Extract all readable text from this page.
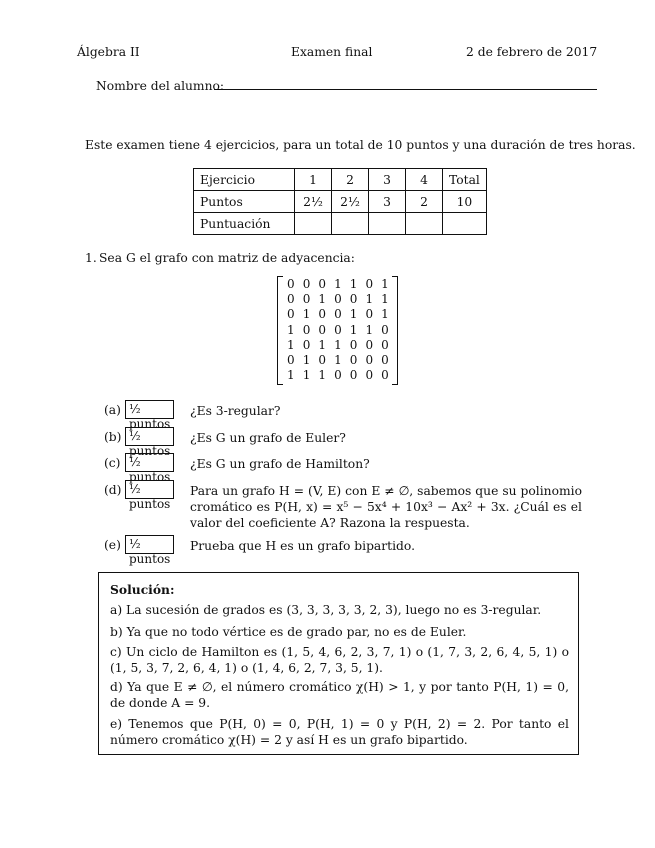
Álgebra II	Examen final	2 de febrero de 2017
Nombre del alumno:
Este examen tiene 4 ejercicios, para un total de 10 puntos y una duración de tres horas.
Ejercicio	1	2	3	4	Total
Puntos	2½	2½	3	2	10
Puntuación					
1. Sea G el grafo con matriz de adyacencia:
0 0 0 1 1 0 1
0 0 1 0 0 1 1
0 1 0 0 1 0 1
1 0 0 0 1 1 0
1 0 1 1 0 0 0
0 1 0 1 0 0 0
1 1 1 0 0 0 0
(a) ½ puntos
¿Es 3-regular?
(b) ½ puntos
¿Es G un grafo de Euler?
(c) ½ puntos
¿Es G un grafo de Hamilton?
(d) ½ puntos
Para un grafo H = (V, E) con E ≠ ∅, sabemos que su polinomio cromático es P(H, x) = x⁵ − 5x⁴ + 10x³ − Ax² + 3x. ¿Cuál es el valor del coeficiente A? Razona la respuesta.
(e) ½ puntos
Prueba que H es un grafo bipartido.
Solución:
a) La sucesión de grados es (3, 3, 3, 3, 3, 2, 3), luego no es 3-regular.
b) Ya que no todo vértice es de grado par, no es de Euler.
c) Un ciclo de Hamilton es (1, 5, 4, 6, 2, 3, 7, 1) o (1, 7, 3, 2, 6, 4, 5, 1) o (1, 5, 3, 7, 2, 6, 4, 1) o (1, 4, 6, 2, 7, 3, 5, 1).
d) Ya que E ≠ ∅, el número cromático χ(H) > 1, y por tanto P(H, 1) = 0, de donde A = 9.
e) Tenemos que P(H, 0) = 0, P(H, 1) = 0 y P(H, 2) = 2. Por tanto el número cromático χ(H) = 2 y así H es un grafo bipartido.
